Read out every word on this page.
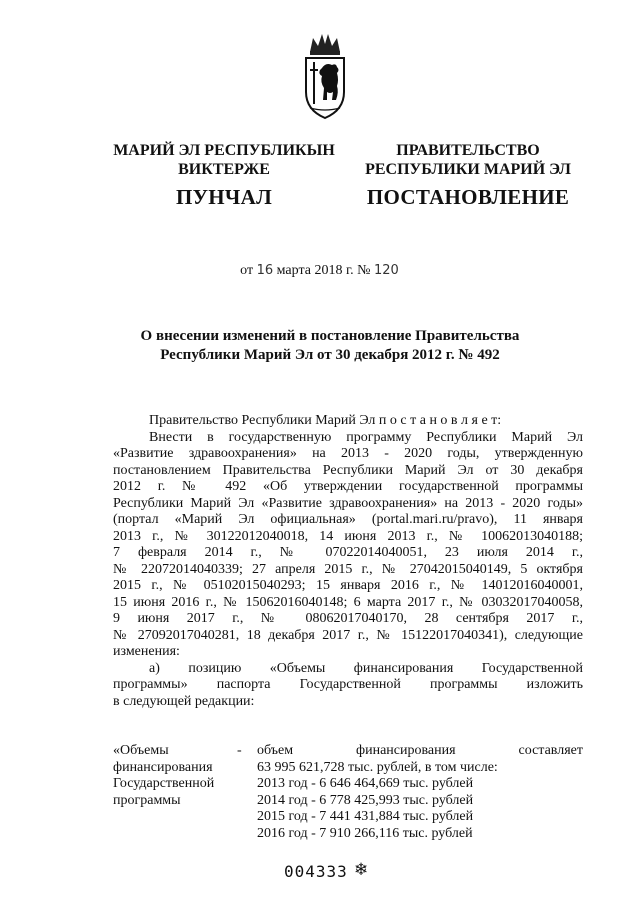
МАРИЙ ЭЛ РЕСПУБЛИКЫН
ВИКТЕРЖЕ
ПУНЧАЛ
ПРАВИТЕЛЬСТВО
РЕСПУБЛИКИ МАРИЙ ЭЛ
ПОСТАНОВЛЕНИЕ
от 16 марта 2018 г. № 120
О внесении изменений в постановление Правительства
Республики Марий Эл от 30 декабря 2012 г. № 492

Правительство Республики Марий Эл п о с т а н о в л я е т:

Внести в государственную программу Республики Марий Эл

«Развитие здравоохранения» на 2013 - 2020 годы, утвержденную

постановлением Правительства Республики Марий Эл от 30 декабря

2012 г. № 492 «Об утверждении государственной программы

Республики Марий Эл «Развитие здравоохранения» на 2013 - 2020 годы»

(портал «Марий Эл официальная» (portal.mari.ru/pravo), 11 января

2013 г., № 30122012040018, 14 июня 2013 г., № 10062013040188;

7 февраля 2014 г., № 07022014040051, 23 июля 2014 г.,

№ 22072014040339; 27 апреля 2015 г., № 27042015040149, 5 октября

2015 г., № 05102015040293; 15 января 2016 г., № 14012016040001,

15 июня 2016 г., № 15062016040148; 6 марта 2017 г., № 03032017040058,

9 июня 2017 г., № 08062017040170, 28 сентября 2017 г.,

№ 27092017040281, 18 декабря 2017 г., № 15122017040341), следующие

изменения:

а) позицию «Объемы финансирования Государственной

программы» паспорта Государственной программы изложить

в следующей редакции:

«Объемы
финансирования
Государственной
программы
- объем финансирования составляет
63 995 621,728 тыс. рублей, в том числе:
2013 год - 6 646 464,669 тыс. рублей
2014 год - 6 778 425,993 тыс. рублей
2015 год - 7 441 431,884 тыс. рублей
2016 год - 7 910 266,116 тыс. рублей
004333 ❄
